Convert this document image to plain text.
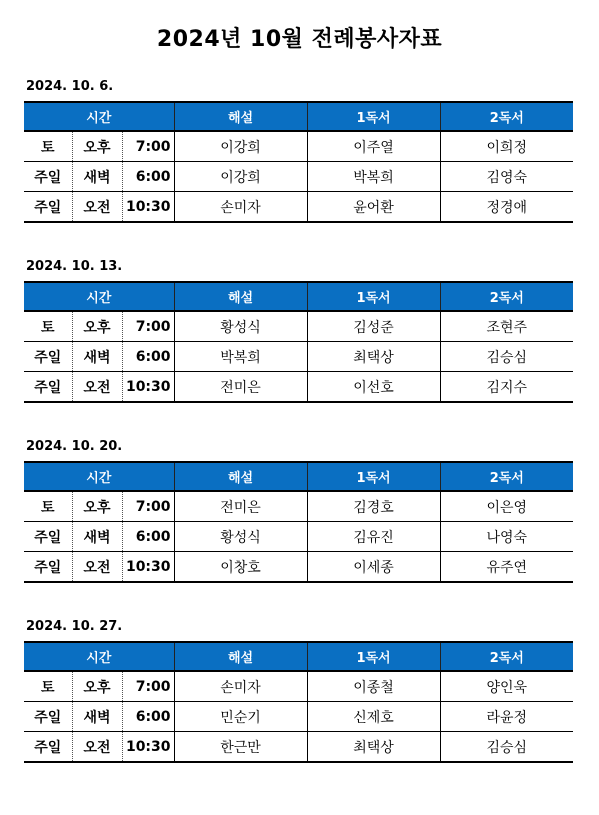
2024년 10월 전례봉사자표
2024. 10. 6.
시간			해설	1독서	2독서
토	오후	7:00	이강희	이주열	이희정
주일	새벽	6:00	이강희	박복희	김영숙
주일	오전	10:30	손미자	윤어환	정경애
2024. 10. 13.
시간			해설	1독서	2독서
토	오후	7:00	황성식	김성준	조현주
주일	새벽	6:00	박복희	최택상	김승심
주일	오전	10:30	전미은	이선호	김지수
2024. 10. 20.
시간			해설	1독서	2독서
토	오후	7:00	전미은	김경호	이은영
주일	새벽	6:00	황성식	김유진	나영숙
주일	오전	10:30	이창호	이세종	유주연
2024. 10. 27.
시간			해설	1독서	2독서
토	오후	7:00	손미자	이종철	양인욱
주일	새벽	6:00	민순기	신제호	라윤정
주일	오전	10:30	한근만	최택상	김승심
